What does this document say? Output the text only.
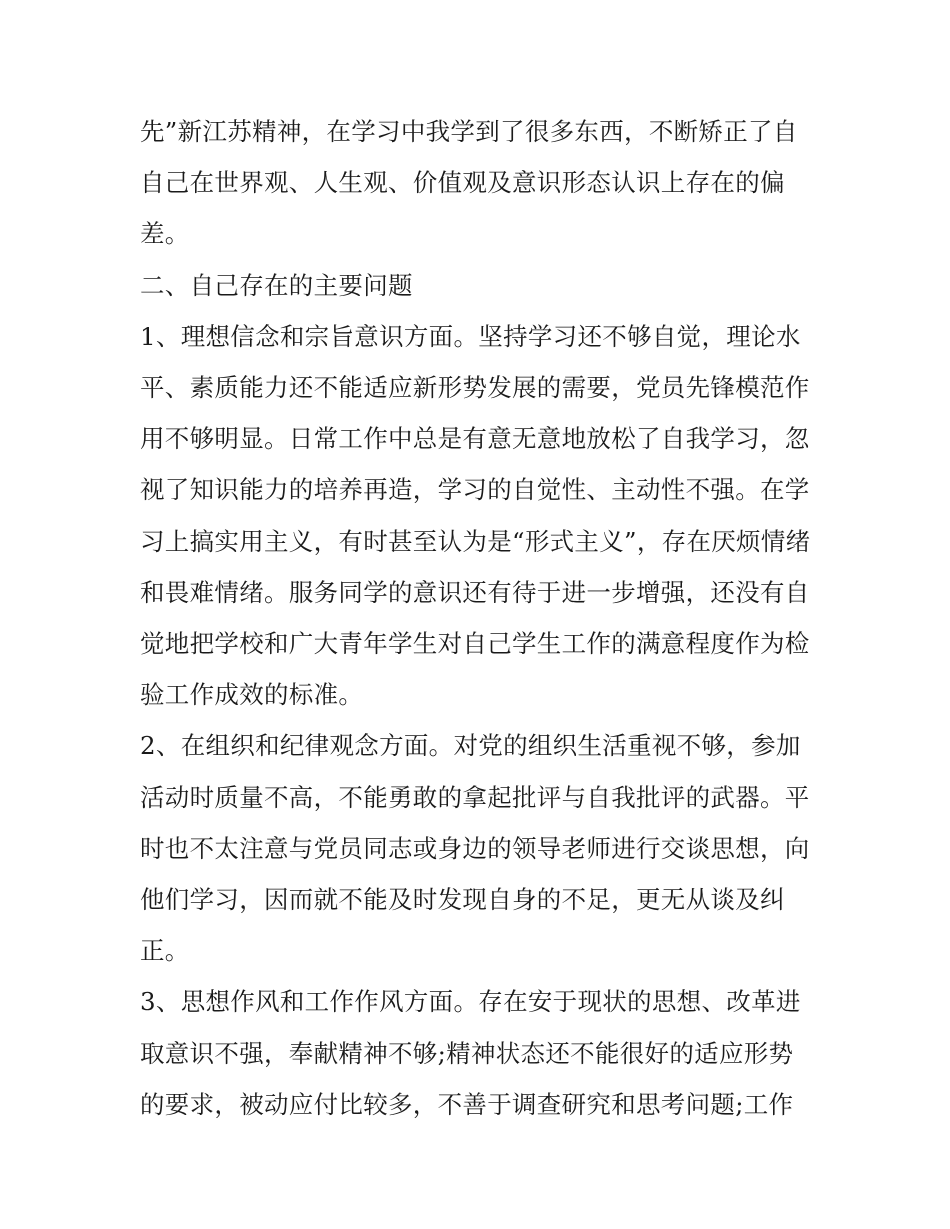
先”新江苏精神，在学习中我学到了很多东西，不断矫正了自

自己在世界观、人生观、价值观及意识形态认识上存在的偏

差。

二、自己存在的主要问题

1、理想信念和宗旨意识方面。坚持学习还不够自觉，理论水

平、素质能力还不能适应新形势发展的需要，党员先锋模范作

用不够明显。日常工作中总是有意无意地放松了自我学习，忽

视了知识能力的培养再造，学习的自觉性、主动性不强。在学

习上搞实用主义，有时甚至认为是“形式主义”，存在厌烦情绪

和畏难情绪。服务同学的意识还有待于进一步增强，还没有自

觉地把学校和广大青年学生对自己学生工作的满意程度作为检

验工作成效的标准。

2、在组织和纪律观念方面。对党的组织生活重视不够，参加

活动时质量不高，不能勇敢的拿起批评与自我批评的武器。平

时也不太注意与党员同志或身边的领导老师进行交谈思想，向

他们学习，因而就不能及时发现自身的不足，更无从谈及纠

正。

3、思想作风和工作作风方面。存在安于现状的思想、改革进

取意识不强，奉献精神不够;精神状态还不能很好的适应形势

的要求，被动应付比较多，不善于调查研究和思考问题;工作
